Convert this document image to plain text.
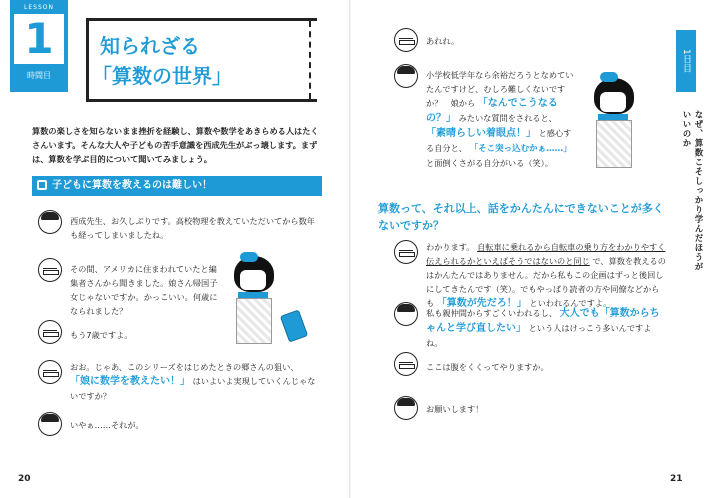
LESSON
1
時間目
知られざる
「算数の世界」
算数の楽しさを知らないまま挫折を経験し、算数や数学をあきらめる人はたくさんいます。そんな大人や子どもの苦手意識を西成先生がぶっ壊します。まずは、算数を学ぶ目的について聞いてみましょう。
子どもに算数を教えるのは難しい！
西成先生、お久しぶりです。高校物理を教えていただいてから数年も経ってしまいましたね。
その間、アメリカに住まわれていたと編集者さんから聞きました。娘さん帰国子女じゃないですか。かっこいい。何歳になられました？
もう7歳ですよ。
おお。じゃあ、このシリーズをはじめたときの郷さんの狙い、 「娘に数学を教えたい！」 はいよいよ実現していくんじゃないですか？
いやぁ……それが。
20
1日目
なぜ、算数こそしっかり学んだほうがいいのか
あれれ。
小学校低学年なら余裕だろうとなめていたんですけど、むしろ難しくないですか？　娘から 「なんでこうなるの？」 みたいな質問をされると、 「素晴らしい着眼点！」 と感心する自分と、 「そこ突っ込むかぁ……」 と面倒くさがる自分がいる（笑）。
算数って、それ以上、話をかんたんにできないことが多くないですか？
わかります。 自転車に乗れるから自転車の乗り方をわかりやすく伝えられるかといえばそうではないのと同じ で、算数を教えるのはかんたんではありません。だから私もこの企画はずっと後回しにしてきたんです（笑）。でもやっぱり読者の方や同僚などからも 「算数が先だろ！」 といわれるんですよ。
私も親仲間からすごくいわれるし、 大人でも「算数からちゃんと学び直したい」 という人はけっこう多いんですよね。
ここは腹をくくってやりますか。
お願いします！
21
